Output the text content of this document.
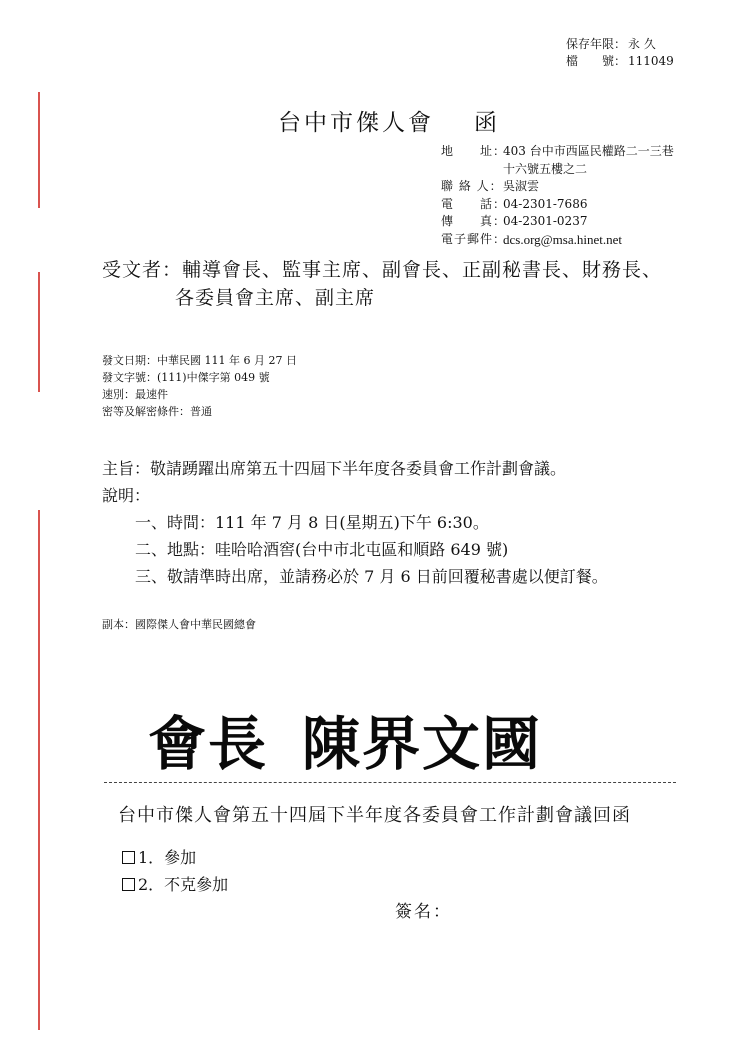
保存年限： 永 久
檔　　號： 111049
台中市傑人會 函
地　　址：
403 台中市西區民權路二一三巷
十六號五樓之二
聯 絡 人： 吳淑雲
電　　話：
04-2301-7686
傳　　真：
04-2301-0237
電子郵件：
dcs.org@msa.hinet.net
受文者：輔導會長、監事主席、副會長、正副秘書長、財務長、
各委員會主席、副主席
發文日期：中華民國 111 年 6 月 27 日
發文字號：(111)中傑字第 049 號
速別：最速件
密等及解密條件：普通
主旨：敬請踴躍出席第五十四屆下半年度各委員會工作計劃會議。
說明：
一、時間：111 年 7 月 8 日(星期五)下午 6:30。
二、地點：哇哈哈酒窖(台中市北屯區和順路 649 號)
三、敬請準時出席，並請務必於 7 月 6 日前回覆秘書處以便訂餐。
副本：國際傑人會中華民國總會
會長 陳界文國
台中市傑人會第五十四屆下半年度各委員會工作計劃會議回函
1．參加
2．不克參加
簽名：
